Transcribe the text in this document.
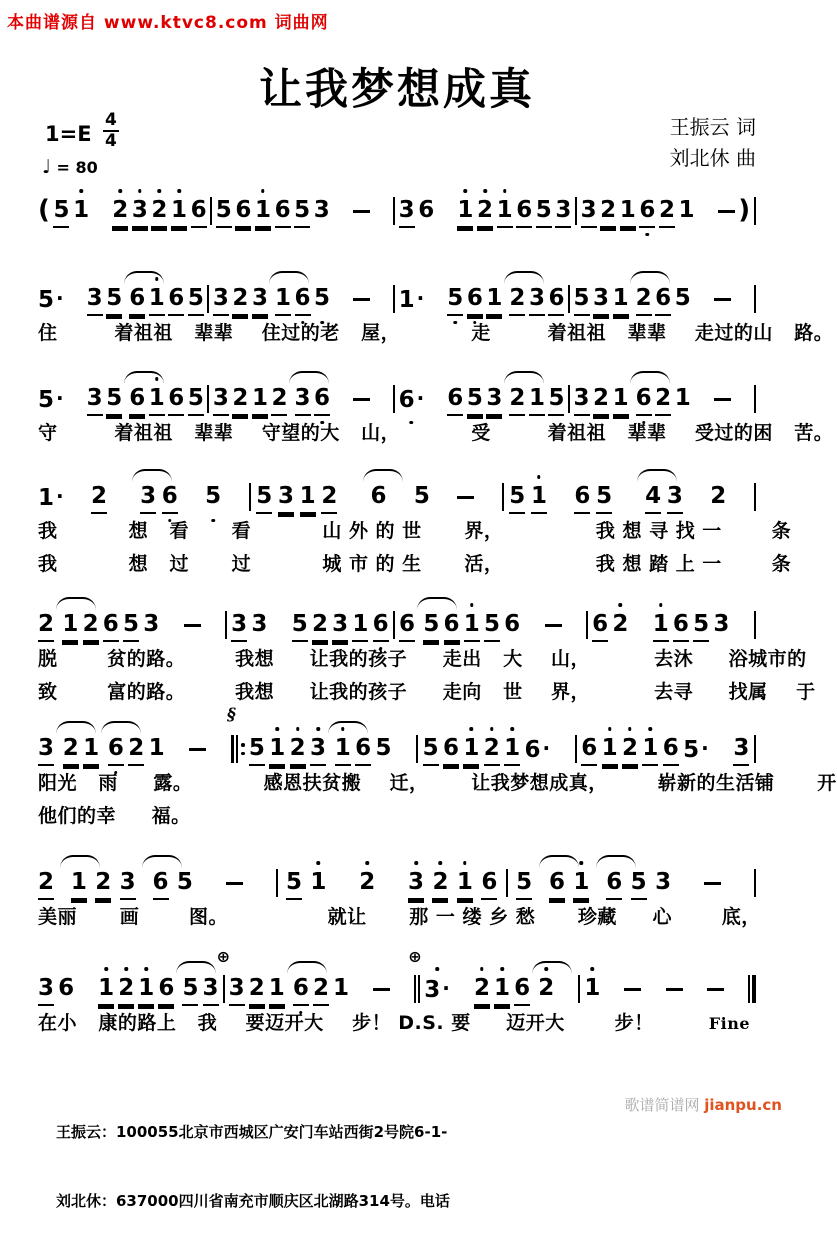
本曲谱源自 www.ktvc8.com 词曲网
让我梦想成真
$1=E \frac{4}{4}$
♩ = 80
王振云 词
刘北休 曲
( 5 1 2 3 2 1 6 5 6 1 6 5 3	3 6 1 2 1 6 5 3 3 2 1 6 2 1 )
5 · 3 5 6 1 6 5 3 2 3 1 6 5	1 · 5 6 1 2 3 6 5 3 1 2 6 5
住        着祖祖   辈辈    住过的老   屋，          走        着祖祖   辈辈    走过的山   路。
5 · 3 5 6 1 6 5 3 2 1 2 3 6	6 · 6 5 3 2 1 5 3 2 1 6 2 1
守        着祖祖   辈辈    守望的大   山，          受        着祖祖   辈辈    受过的困   苦。
1 · 2 3 6 5 5 3 1 2 6 5	5 1 6 5 4 3 2
我          想   看      看          山 外 的 世      界，             我 想 寻 找 一       条
我          想   过      过          城 市 的 生      活，             我 想 踏 上 一       条
2 1 2 6 5 3	3 3 5 2 3 1 6 6 5 6 1 5 6	6 2 1 6 5 3
脱       贫的路。       我想     让我的孩子     走出   大    山，         去沐     浴城市的
致       富的路。       我想     让我的孩子     走向   世    界，         去寻     找属    于
3 2 1 6 2 1
§
5 1 2 3 1 6 5 5 6 1 2 1 6 · 6 1 2 1 6 5 · 3
阳光   雨     露。          感恩扶贫搬    迁，      让我梦想成真，       崭新的生活铺      开
他们的幸     福。
2 1 2 3 6 5	5 1 2 3 2 1 6 5 6 1 6 5 3
美丽      画       图。              就让      那 一 缕 乡 愁      珍藏     心       底，
3 6 1 2 1 6 5 3
⊕
3 2 1 6 2 1
⊕
3 · 2 1 6 2 1
在小   康的路上   我    要迈开大    步！ D.S. 要     迈开大       步！	Fine

王振云：100055北京市西城区广安门车站西街2号院6-1-

刘北休：637000四川省南充市顺庆区北湖路314号。电话

歌谱简谱网 jianpu.cn
